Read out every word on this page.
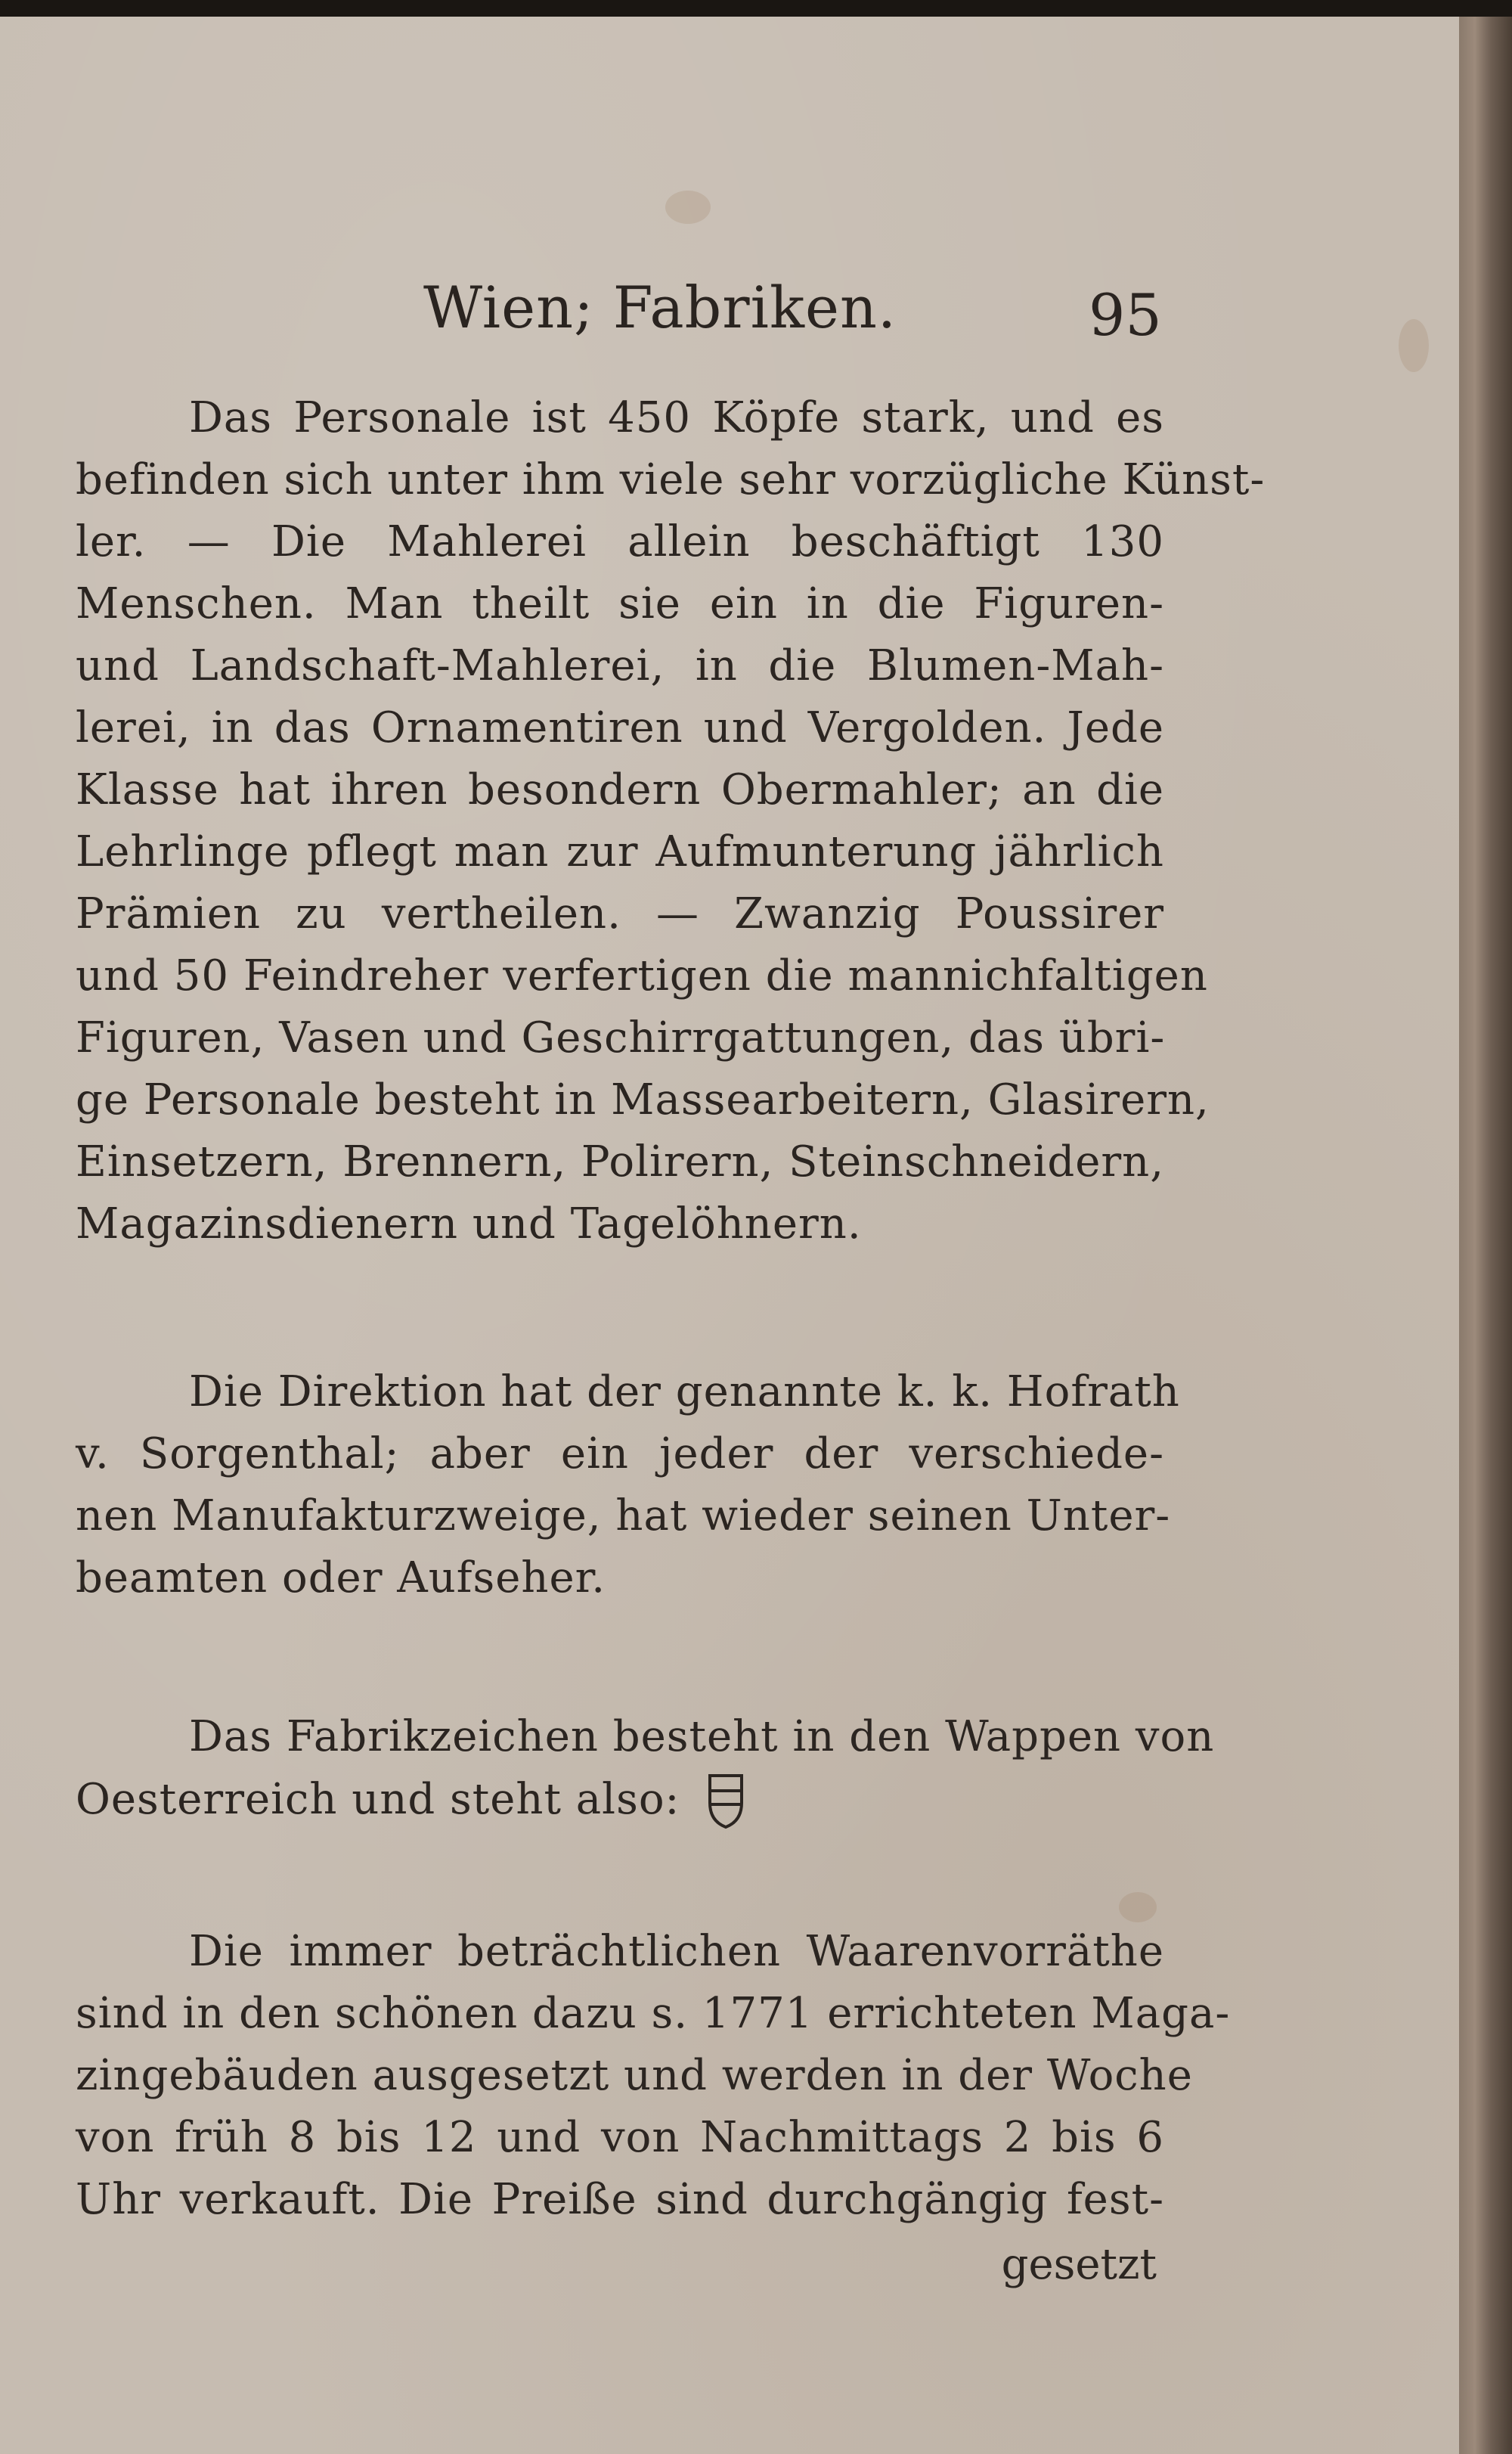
Wien; Fabriken.	95
Das Personale ist 450 Köpfe stark, und es
befinden sich unter ihm viele sehr vorzügliche Künst-
ler. — Die Mahlerei allein beschäftigt 130
Menschen. Man theilt sie ein in die Figuren-
und Landschaft-Mahlerei, in die Blumen-Mah-
lerei, in das Ornamentiren und Vergolden. Jede
Klasse hat ihren besondern Obermahler; an die
Lehrlinge pflegt man zur Aufmunterung jährlich
Prämien zu vertheilen. — Zwanzig Poussirer
und 50 Feindreher verfertigen die mannichfaltigen
Figuren, Vasen und Geschirrgattungen, das übri-
ge Personale besteht in Massearbeitern, Glasirern,
Einsetzern, Brennern, Polirern, Steinschneidern,
Magazinsdienern und Tagelöhnern.
Die Direktion hat der genannte k. k. Hofrath
v. Sorgenthal; aber ein jeder der verschiede-
nen Manufakturzweige, hat wieder seinen Unter-
beamten oder Aufseher.
Das Fabrikzeichen besteht in den Wappen von
Oesterreich und steht also:
Die immer beträchtlichen Waarenvorräthe
sind in den schönen dazu s. 1771 errichteten Maga-
zingebäuden ausgesetzt und werden in der Woche
von früh 8 bis 12 und von Nachmittags 2 bis 6
Uhr verkauft. Die Preiße sind durchgängig fest-
gesetzt
